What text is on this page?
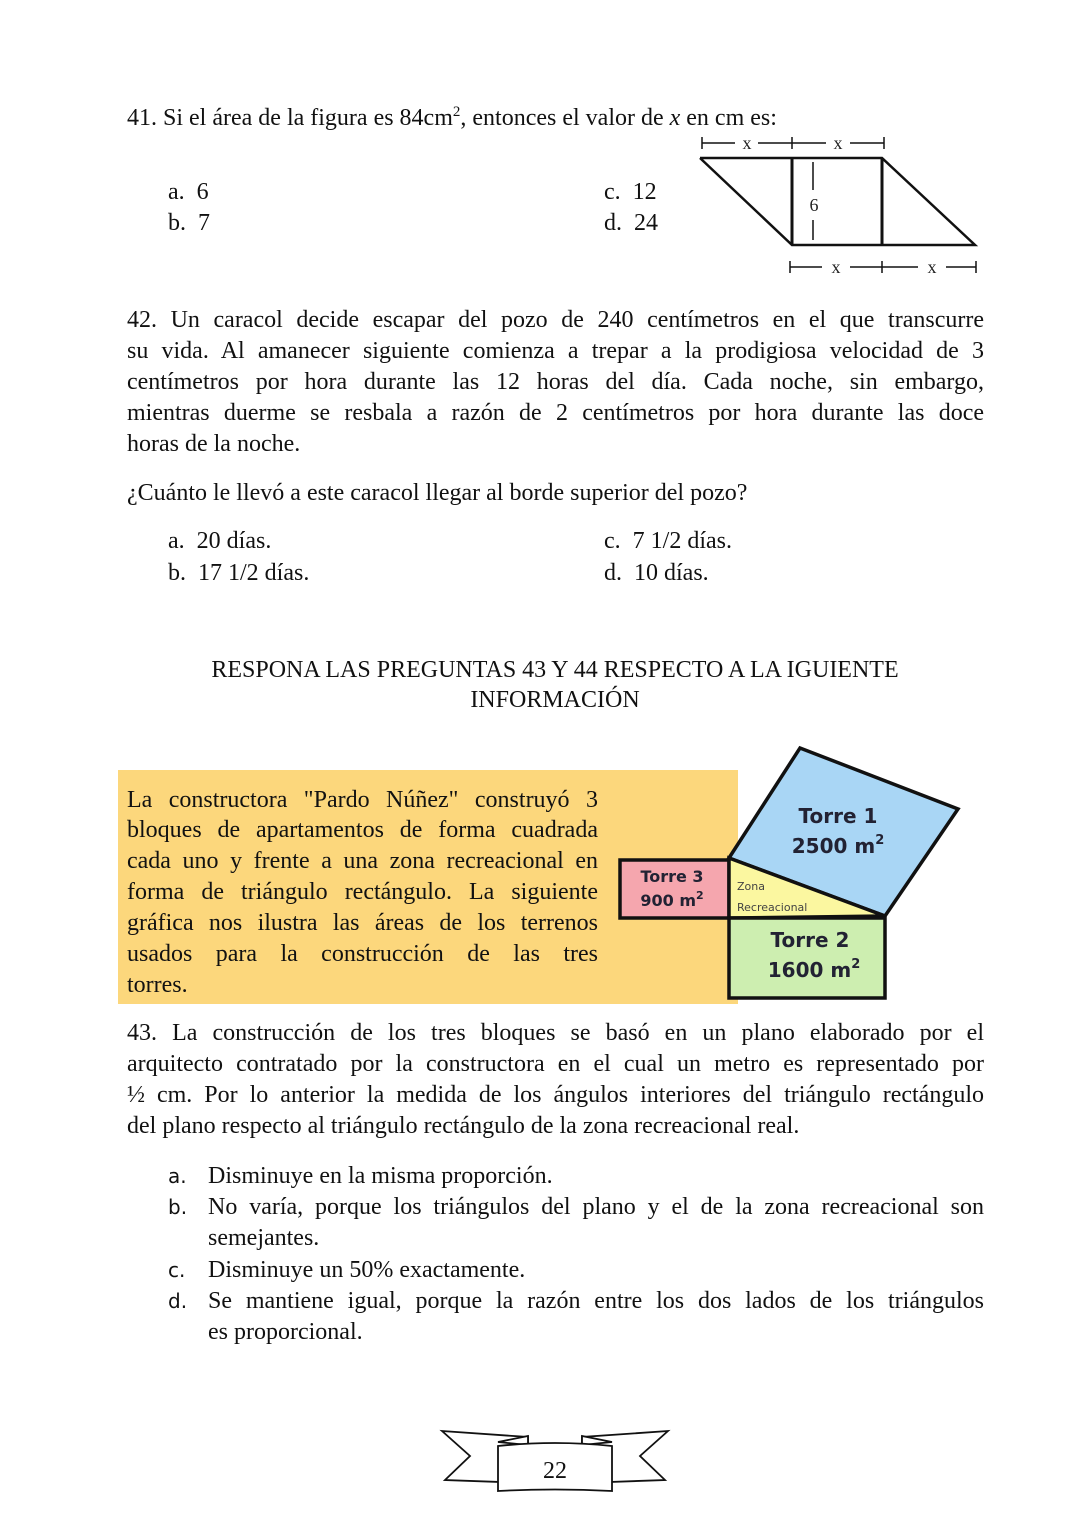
41. Si el área de la figura es $84cm^2$, entonces el valor de x en cm es:
a. 6
b. 7
c. 12
d. 24
x	x
x	x
6
42. Un caracol decide escapar del pozo de 240 centímetros en el que transcurre
su vida. Al amanecer siguiente comienza a trepar a la prodigiosa velocidad de 3
centímetros por hora durante las 12 horas del día. Cada noche, sin embargo,
mientras duerme se resbala a razón de 2 centímetros por hora durante las doce
horas de la noche.
¿Cuánto le llevó a este caracol llegar al borde superior del pozo?
a. 20 días.
b. 17 1/2 días.
c. 7 1/2 días.
d. 10 días.
RESPONA LAS PREGUNTAS 43 Y 44 RESPECTO A LA IGUIENTE
INFORMACIÓN
La constructora "Pardo Núñez" construyó 3
bloques de apartamentos de forma cuadrada
cada uno y frente a una zona recreacional en
forma de triángulo rectángulo. La siguiente
gráfica nos ilustra las áreas de los terrenos
usados para la construcción de las tres
torres.
Torre 1
2500 $m^2$
Torre 3
900 $m^2$
Zona
Recreacional
Torre 2
1600 $m^2$
43. La construcción de los tres bloques se basó en un plano elaborado por el
arquitecto contratado por la constructora en el cual un metro es representado por
½ cm. Por lo anterior la medida de los ángulos interiores del triángulo rectángulo
del plano respecto al triángulo rectángulo de la zona recreacional real.
a. Disminuye en la misma proporción.
b. No varía, porque los triángulos del plano y el de la zona recreacional son
semejantes.
c. Disminuye un 50% exactamente.
d. Se mantiene igual, porque la razón entre los dos lados de los triángulos
es proporcional.
22
